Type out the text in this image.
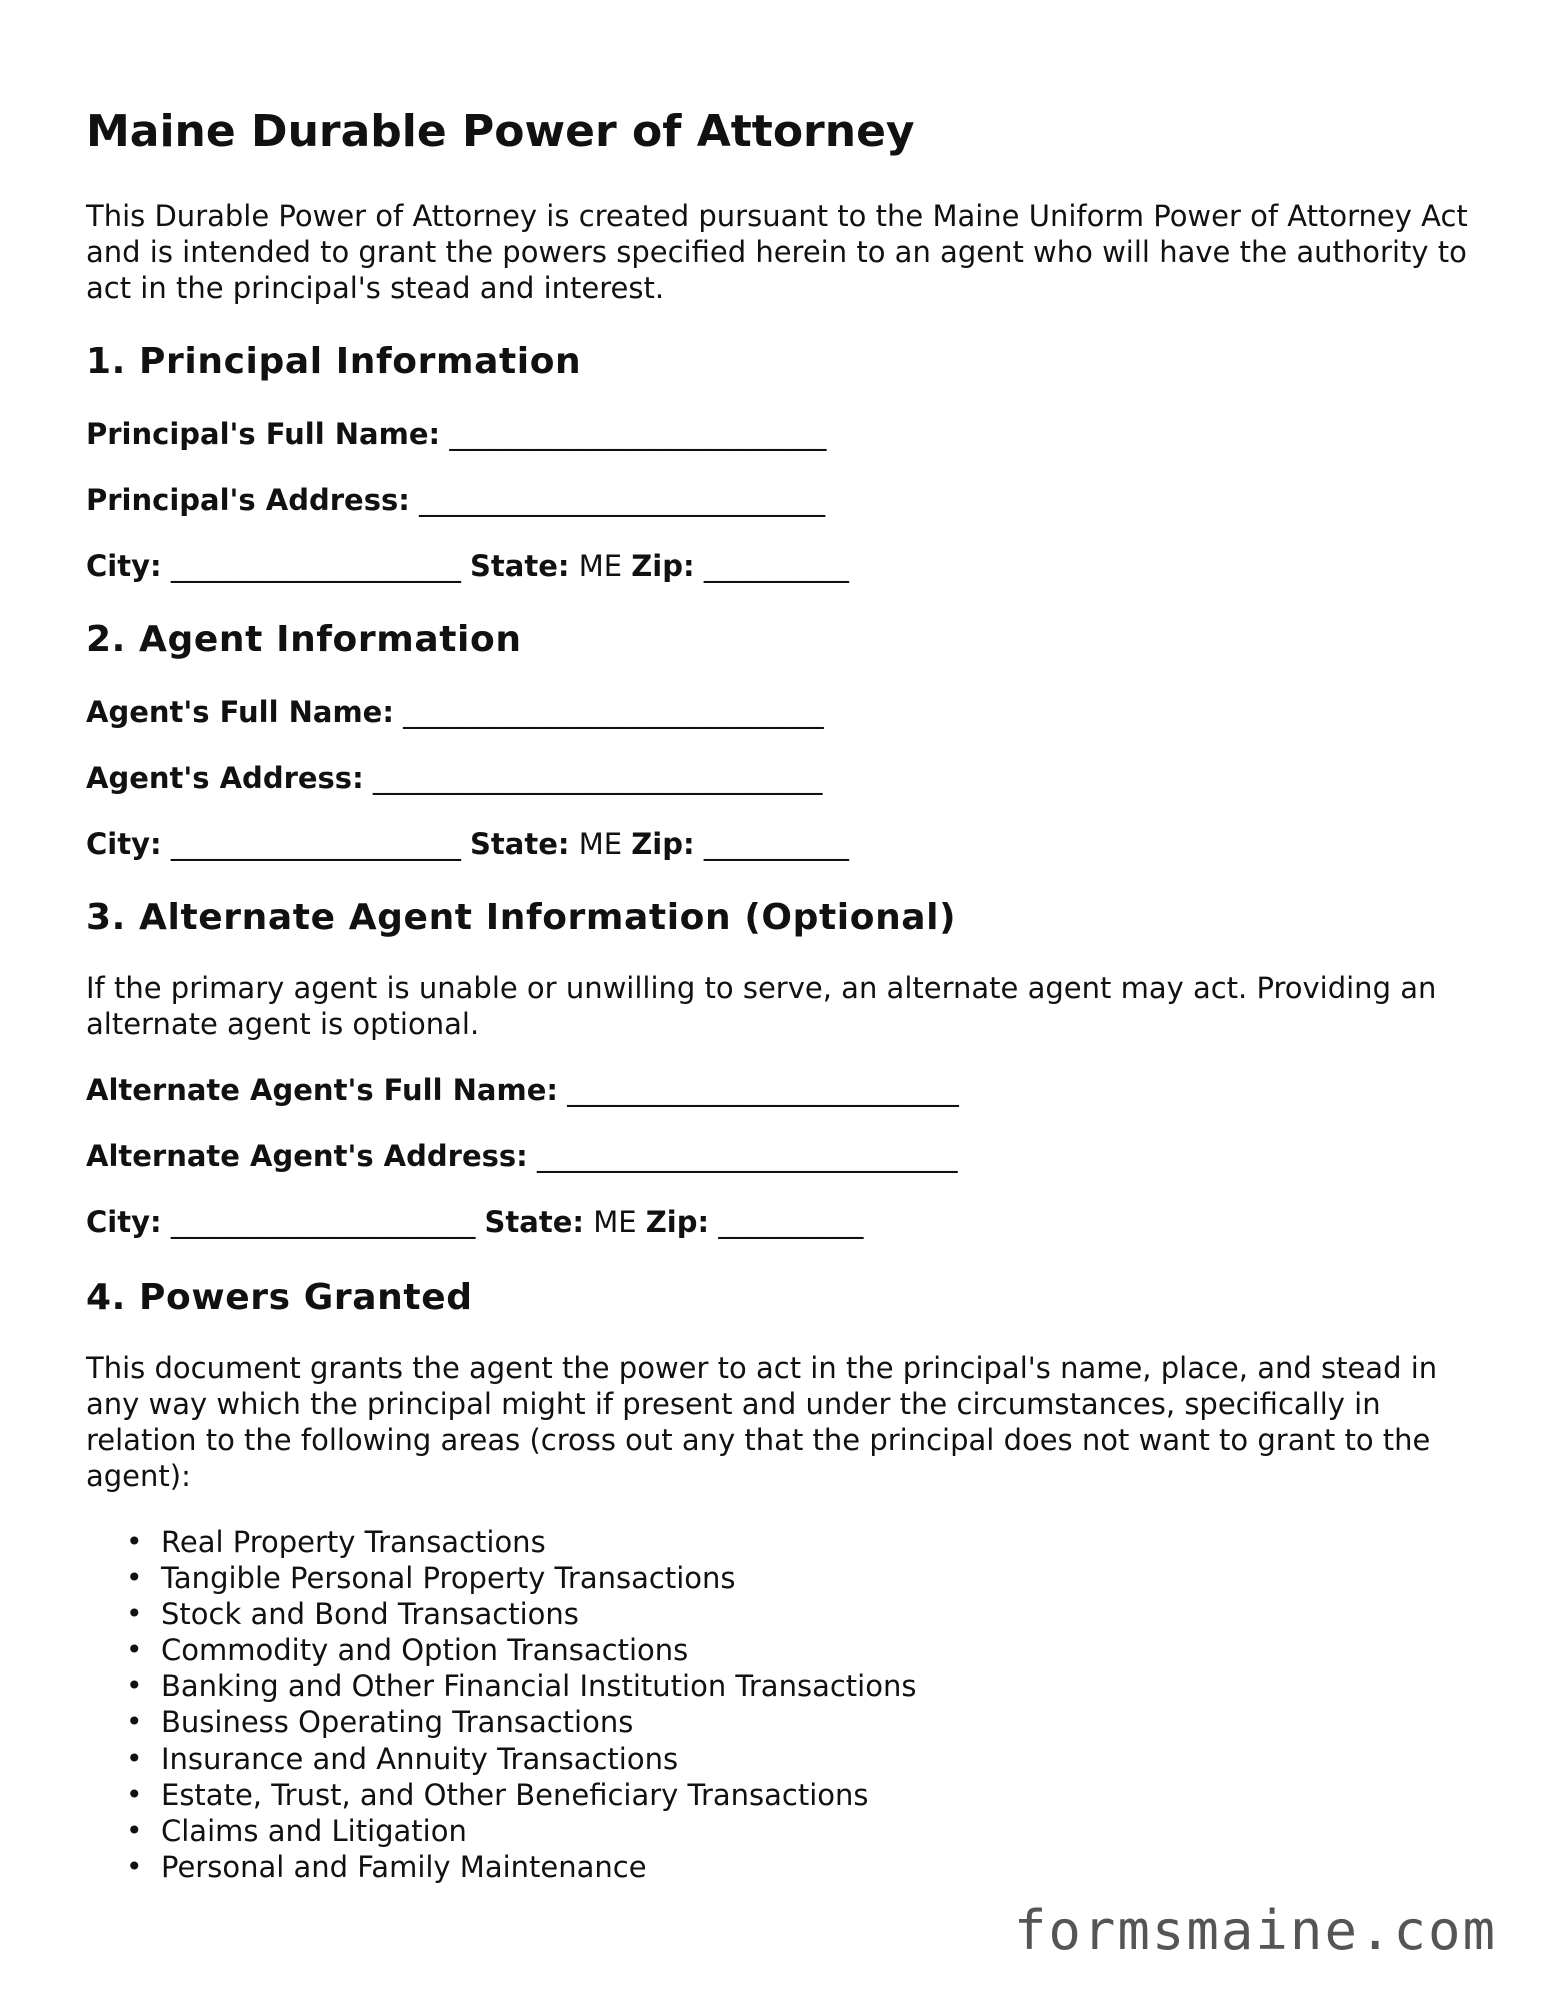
Maine Durable Power of Attorney

This Durable Power of Attorney is created pursuant to the Maine Uniform Power of Attorney Act and is intended to grant the powers specified herein to an agent who will have the authority to act in the principal's stead and interest.

1. Principal Information
Principal's Full Name: __________________________
Principal's Address: ____________________________
City: ____________________ State: ME Zip: __________
2. Agent Information
Agent's Full Name: _____________________________
Agent's Address: _______________________________
City: ____________________ State: ME Zip: __________
3. Alternate Agent Information (Optional)

If the primary agent is unable or unwilling to serve, an alternate agent may act. Providing an alternate agent is optional.

Alternate Agent's Full Name: ___________________________
Alternate Agent's Address: _____________________________
City: _____________________ State: ME Zip: __________
4. Powers Granted

This document grants the agent the power to act in the principal's name, place, and stead in any way which the principal might if present and under the circumstances, specifically in relation to the following areas (cross out any that the principal does not want to grant to the agent):

• Real Property Transactions
• Tangible Personal Property Transactions
• Stock and Bond Transactions
• Commodity and Option Transactions
• Banking and Other Financial Institution Transactions
• Business Operating Transactions
• Insurance and Annuity Transactions
• Estate, Trust, and Other Beneficiary Transactions
• Claims and Litigation
• Personal and Family Maintenance
formsmaine.com
